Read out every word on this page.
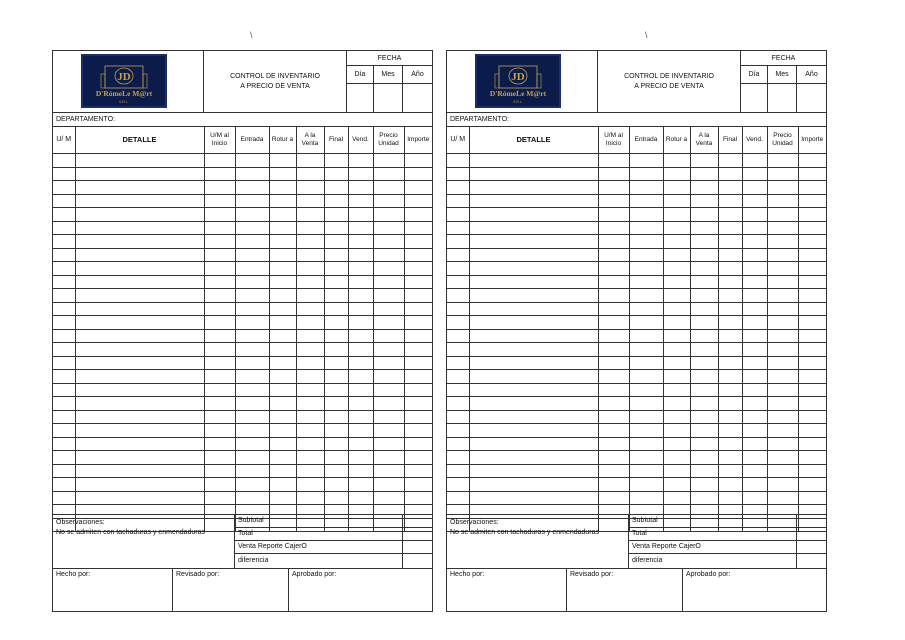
\	\
JD
D'RómeLe M@rt
S.R.L.
CONTROL DE INVENTARIO
A PRECIO DE VENTA
FECHA
Día	Mes	Año
DEPARTAMENTO:
U/ M	DETALLE	U/M al Inicio	Entrada	Rotur a	A la Venta	Final	Vend.	Precio Unidad	Importe

Observaciones:
No se admiten con tachaduras y enmendaduras
Subtotal
Total
Venta Reporte CajerO
diferencia
Hecho por:	Revisado por:	Aprobado por:
JD
D'RómeLe M@rt
S.R.L.
CONTROL DE INVENTARIO
A PRECIO DE VENTA
FECHA
Día	Mes	Año
DEPARTAMENTO:
U/ M	DETALLE	U/M al Inicio	Entrada	Rotur a	A la Venta	Final	Vend.	Precio Unidad	Importe

Observaciones:
No se admiten con tachaduras y enmendaduras
Subtotal
Total
Venta Reporte CajerO
diferencia
Hecho por:	Revisado por:	Aprobado por:
